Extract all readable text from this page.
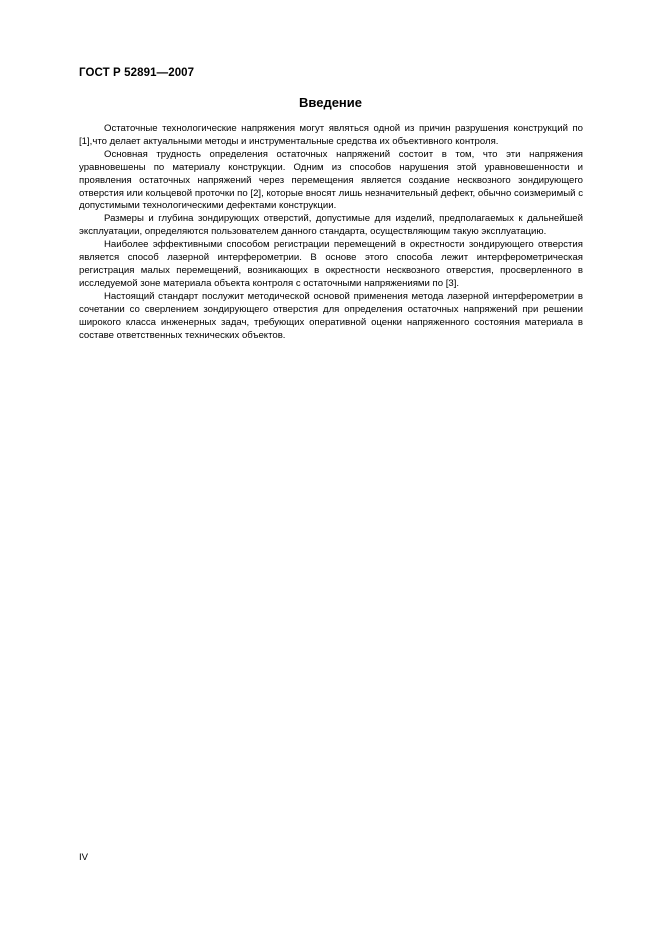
ГОСТ Р 52891—2007
Введение

Остаточные технологические напряжения могут являться одной из причин разрушения конструкций по [1],что делает актуальными методы и инструментальные средства их объективного контроля.

Основная трудность определения остаточных напряжений состоит в том, что эти напряжения уравновешены по материалу конструкции. Одним из способов нарушения этой уравновешенности и проявления остаточных напряжений через перемещения является создание несквозного зондирующего отверстия или кольцевой проточки по [2], которые вносят лишь незначительный дефект, обычно соизмеримый с допустимыми технологическими дефектами конструкции.

Размеры и глубина зондирующих отверстий, допустимые для изделий, предполагаемых к дальнейшей эксплуатации, определяются пользователем данного стандарта, осуществляющим такую эксплуатацию.

Наиболее эффективными способом регистрации перемещений в окрестности зондирующего отверстия является способ лазерной интерферометрии. В основе этого способа лежит интерферометрическая регистрация малых перемещений, возникающих в окрестности несквозного отверстия, просверленного в исследуемой зоне материала объекта контроля с остаточными напряжениями по [3].

Настоящий стандарт послужит методической основой применения метода лазерной интерферометрии в сочетании со сверлением зондирующего отверстия для определения остаточных напряжений при решении широкого класса инженерных задач, требующих оперативной оценки напряженного состояния материала в составе ответственных технических объектов.

IV
